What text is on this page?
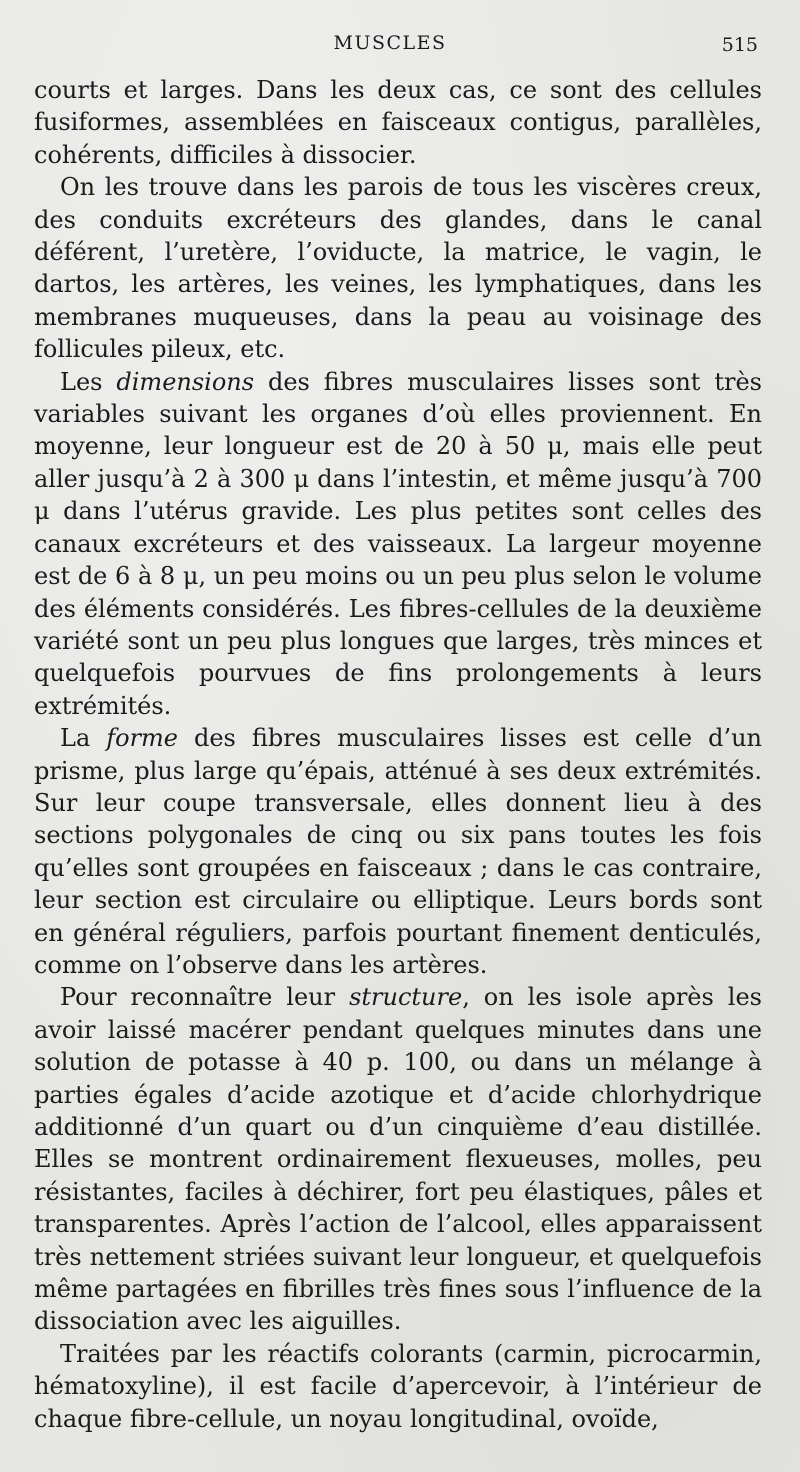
MUSCLES	515

courts et larges. Dans les deux cas, ce sont des cellules fusiformes, assemblées en faisceaux contigus, parallèles, cohérents, difficiles à dissocier.

On les trouve dans les parois de tous les viscères creux, des conduits excréteurs des glandes, dans le canal déférent, l’uretère, l’oviducte, la matrice, le vagin, le dartos, les artères, les veines, les lymphatiques, dans les membranes muqueuses, dans la peau au voisinage des follicules pileux, etc.

Les dimensions des fibres musculaires lisses sont très variables suivant les organes d’où elles proviennent. En moyenne, leur longueur est de 20 à 50 μ, mais elle peut aller jusqu’à 2 à 300 μ dans l’intestin, et même jusqu’à 700 μ dans l’utérus gravide. Les plus petites sont celles des canaux excréteurs et des vaisseaux. La largeur moyenne est de 6 à 8 μ, un peu moins ou un peu plus selon le volume des éléments considérés. Les fibres-cellules de la deuxième variété sont un peu plus longues que larges, très minces et quelquefois pourvues de fins prolongements à leurs extrémités.

La forme des fibres musculaires lisses est celle d’un prisme, plus large qu’épais, atténué à ses deux extrémités. Sur leur coupe transversale, elles donnent lieu à des sections polygonales de cinq ou six pans toutes les fois qu’elles sont groupées en faisceaux ; dans le cas contraire, leur section est circulaire ou elliptique. Leurs bords sont en général réguliers, parfois pourtant finement denticulés, comme on l’observe dans les artères.

Pour reconnaître leur structure, on les isole après les avoir laissé macérer pendant quelques minutes dans une solution de potasse à 40 p. 100, ou dans un mélange à parties égales d’acide azotique et d’acide chlorhydrique additionné d’un quart ou d’un cinquième d’eau distillée. Elles se montrent ordinairement flexueuses, molles, peu résistantes, faciles à déchirer, fort peu élastiques, pâles et transparentes. Après l’action de l’alcool, elles apparaissent très nettement striées suivant leur longueur, et quelquefois même partagées en fibrilles très fines sous l’influence de la dissociation avec les aiguilles.

Traitées par les réactifs colorants (carmin, picrocarmin, hématoxyline), il est facile d’apercevoir, à l’intérieur de chaque fibre-cellule, un noyau longitudinal, ovoïde,
